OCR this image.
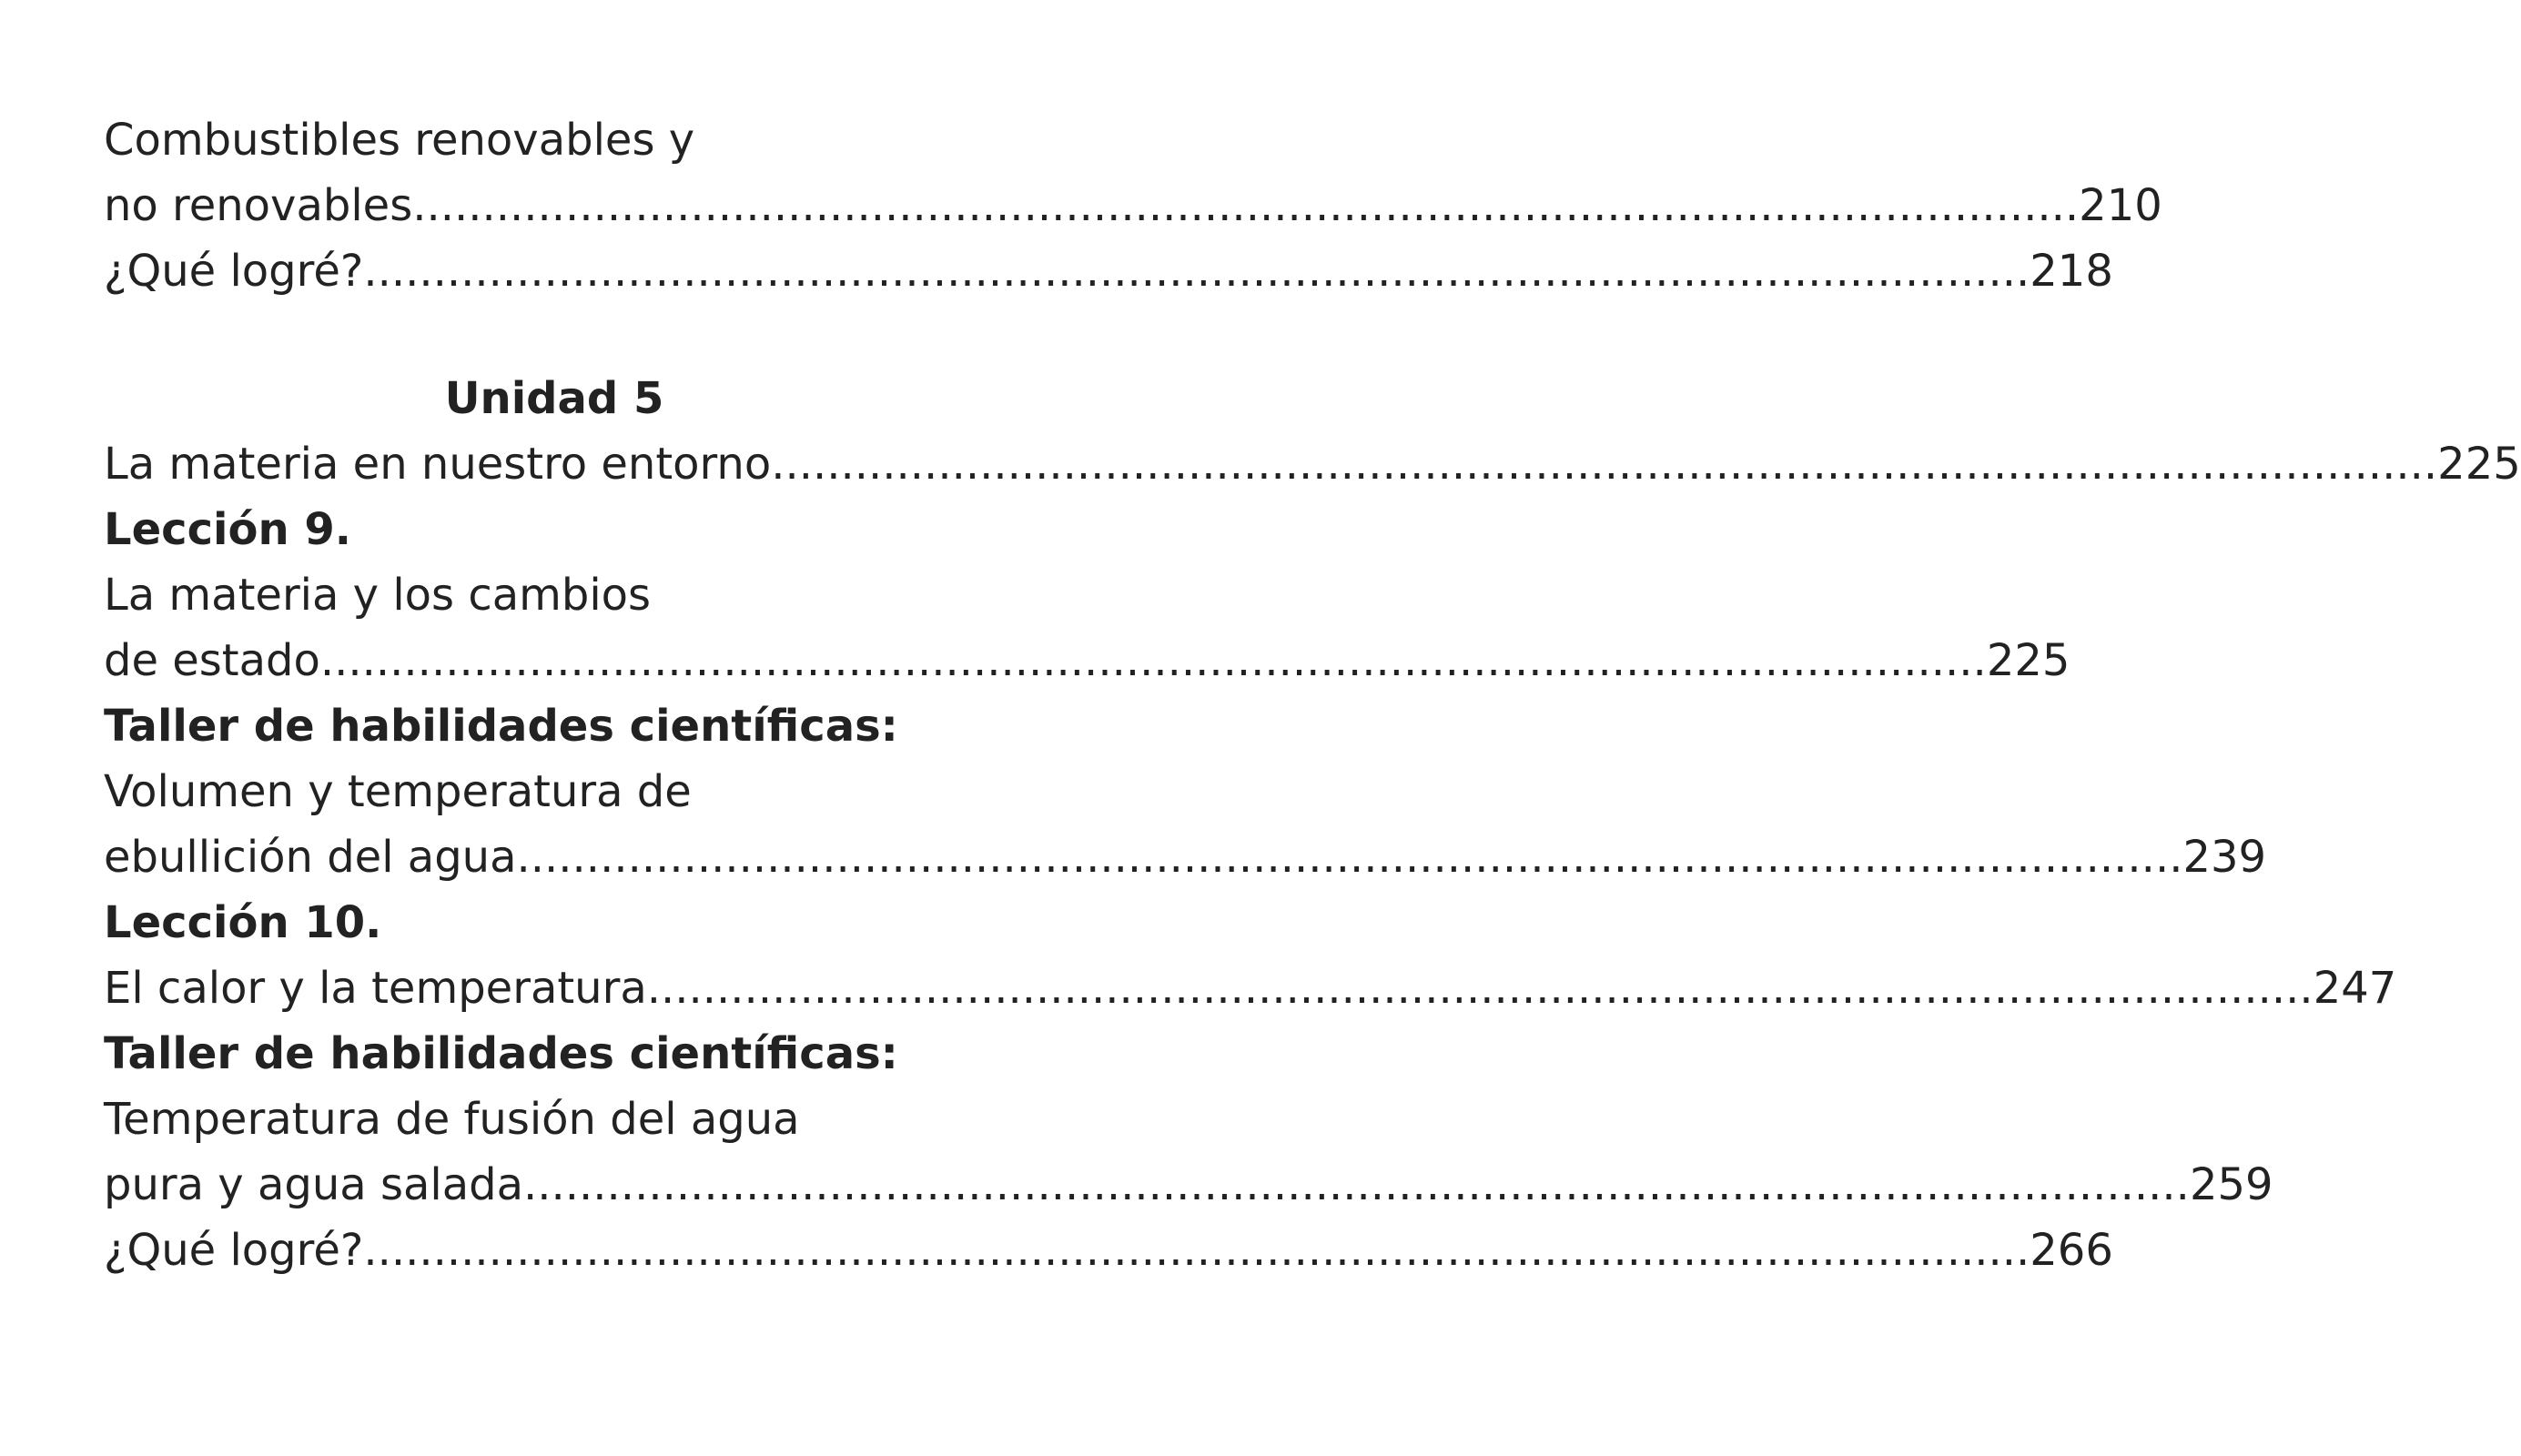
Combustibles renovables y
no renovables ........................................................................................................................ 210
¿Qué logré? ........................................................................................................................ 218
Unidad 5
La materia en nuestro entorno ........................................................................................................................ 225
Lección 9.
La materia y los cambios
de estado ........................................................................................................................ 225
Taller de habilidades científicas:
Volumen y temperatura de
ebullición del agua ........................................................................................................................ 239
Lección 10.
El calor y la temperatura ........................................................................................................................ 247
Taller de habilidades científicas:
Temperatura de fusión del agua
pura y agua salada ........................................................................................................................ 259
¿Qué logré? ........................................................................................................................ 266
